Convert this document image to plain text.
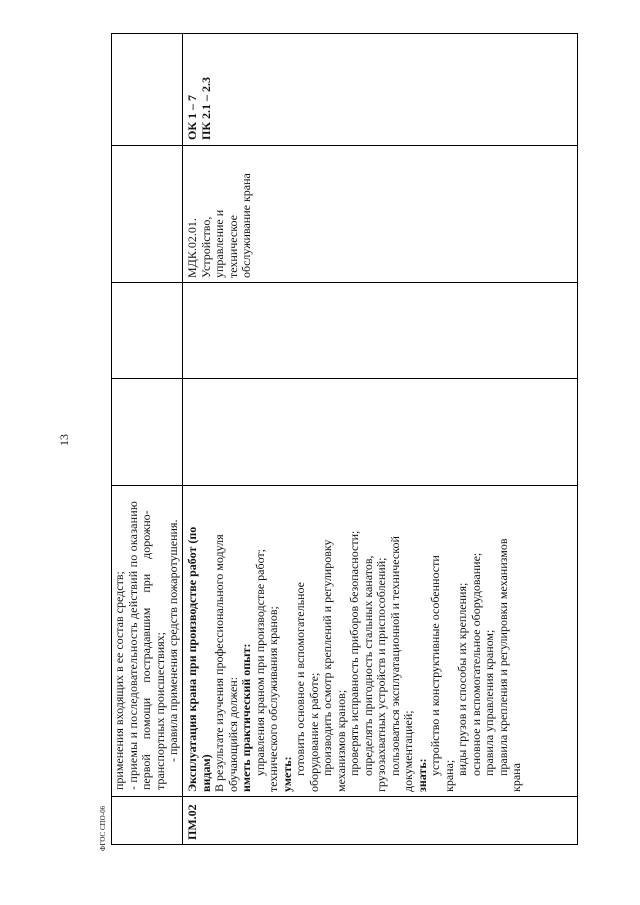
13
ФГОС СПО-06
применения входящих в ее состав средств; - приемы и последовательность действий по оказанию первой помощи пострадавшим при дорожно- транспортных происшествиях; - правила применения средств пожаротушения.
ПМ.02
Эксплуатация крана при производстве работ (по видам) В результате изучения профессионального модуля обучающийся должен: иметь практический опыт: управления краном при производстве работ; технического обслуживания кранов; уметь: готовить основное и вспомогательное оборудование к работе; производить осмотр креплений и регулировку механизмов кранов; проверять исправность приборов безопасности; определять пригодность стальных канатов, грузозахватных устройств и приспособлений; пользоваться эксплуатационной и технической документацией; знать: устройство и конструктивные особенности крана; виды грузов и способы их крепления; основное и вспомогательное оборудование; правила управления краном; правила крепления и регулировки механизмов
крана
МДК.02.01. Устройство, управление и техническое обслуживание крана
ОК 1 – 7 ПК 2.1 – 2.3
